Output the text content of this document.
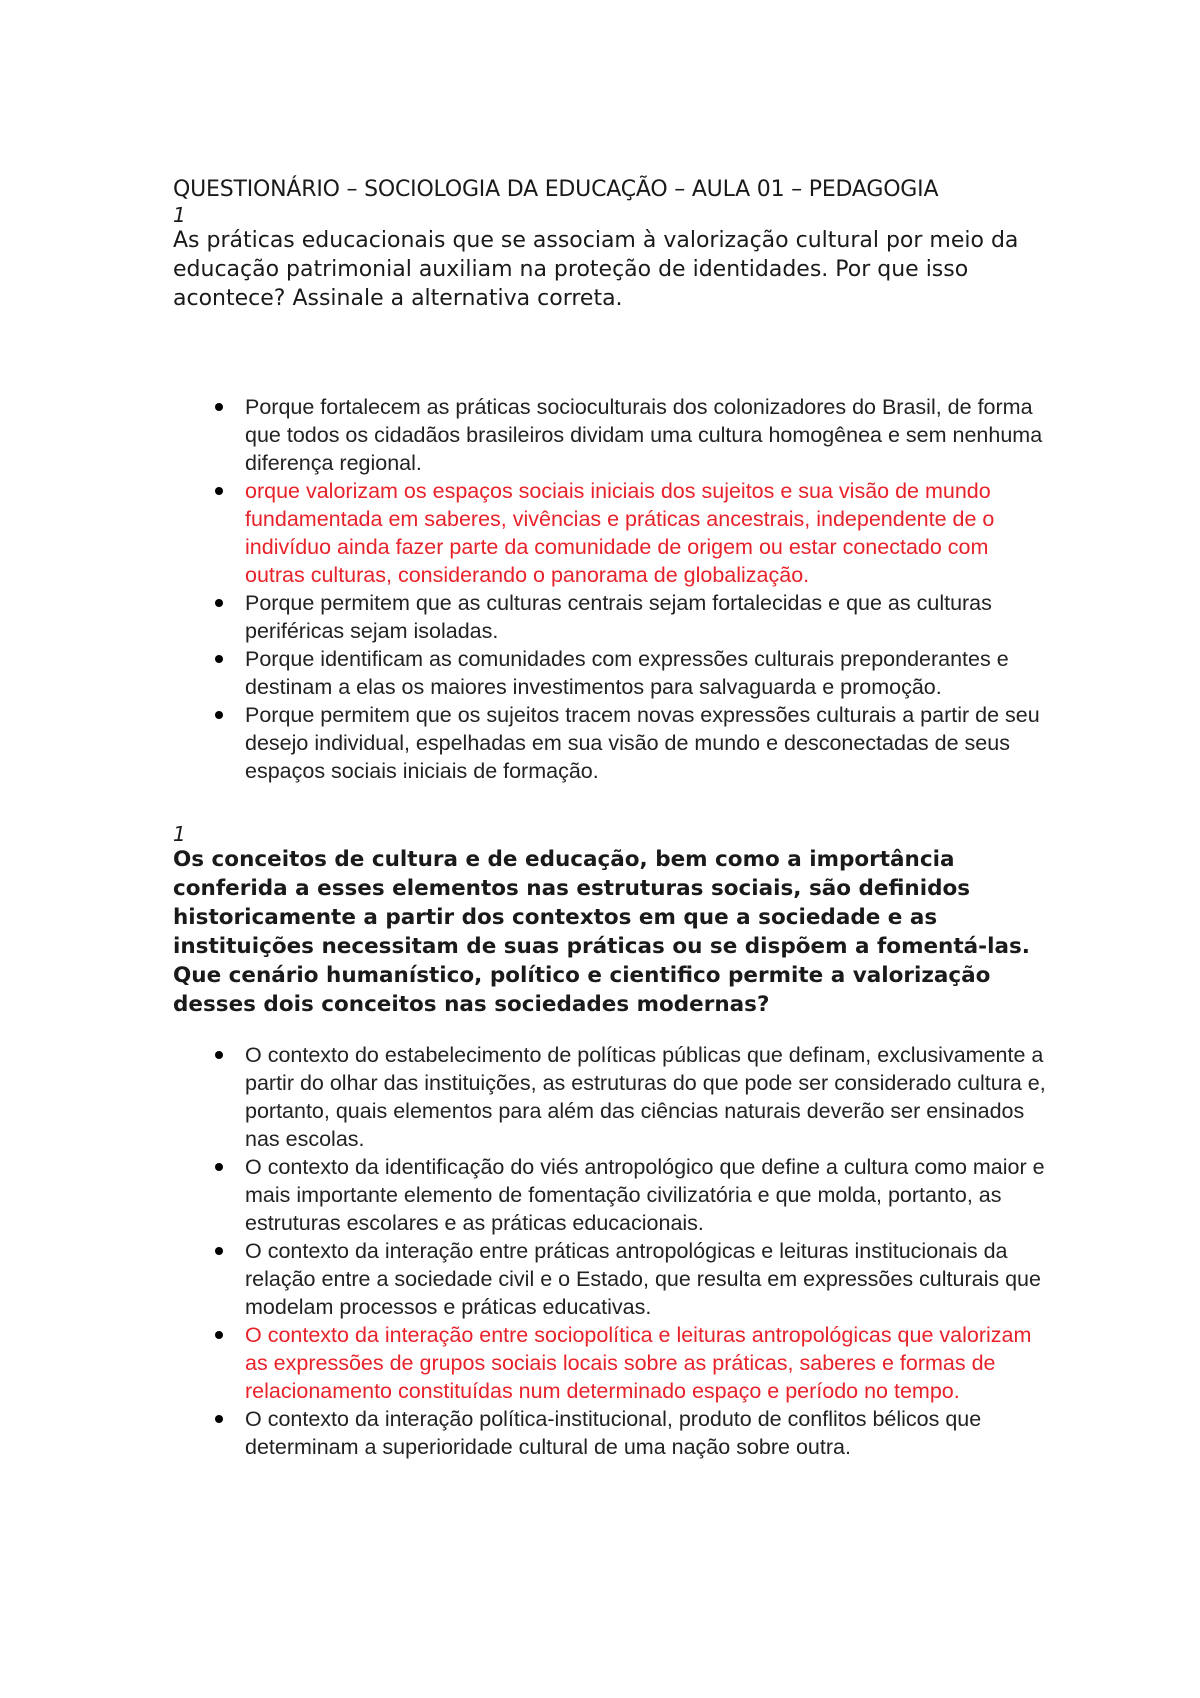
QUESTIONÁRIO – SOCIOLOGIA DA EDUCAÇÃO – AULA 01 – PEDAGOGIA

1

As práticas educacionais que se associam à valorização cultural por meio da educação patrimonial auxiliam na proteção de identidades. Por que isso acontece? Assinale a alternativa correta.

Porque fortalecem as práticas socioculturais dos colonizadores do Brasil, de forma que todos os cidadãos brasileiros dividam uma cultura homogênea e sem nenhuma diferença regional.
orque valorizam os espaços sociais iniciais dos sujeitos e sua visão de mundo fundamentada em saberes, vivências e práticas ancestrais, independente de o indivíduo ainda fazer parte da comunidade de origem ou estar conectado com outras culturas, considerando o panorama de globalização.
Porque permitem que as culturas centrais sejam fortalecidas e que as culturas periféricas sejam isoladas.
Porque identificam as comunidades com expressões culturais preponderantes e destinam a elas os maiores investimentos para salvaguarda e promoção.
Porque permitem que os sujeitos tracem novas expressões culturais a partir de seu desejo individual, espelhadas em sua visão de mundo e desconectadas de seus espaços sociais iniciais de formação.

1

Os conceitos de cultura e de educação, bem como a importância conferida a esses elementos nas estruturas sociais, são definidos historicamente a partir dos contextos em que a sociedade e as instituições necessitam de suas práticas ou se dispõem a fomentá-las. Que cenário humanístico, político e cientifico permite a valorização desses dois conceitos nas sociedades modernas?

O contexto do estabelecimento de políticas públicas que definam, exclusivamente a partir do olhar das instituições, as estruturas do que pode ser considerado cultura e, portanto, quais elementos para além das ciências naturais deverão ser ensinados nas escolas.
O contexto da identificação do viés antropológico que define a cultura como maior e mais importante elemento de fomentação civilizatória e que molda, portanto, as estruturas escolares e as práticas educacionais.
O contexto da interação entre práticas antropológicas e leituras institucionais da relação entre a sociedade civil e o Estado, que resulta em expressões culturais que modelam processos e práticas educativas.
O contexto da interação entre sociopolítica e leituras antropológicas que valorizam as expressões de grupos sociais locais sobre as práticas, saberes e formas de relacionamento constituídas num determinado espaço e período no tempo.
O contexto da interação política-institucional, produto de conflitos bélicos que determinam a superioridade cultural de uma nação sobre outra.
